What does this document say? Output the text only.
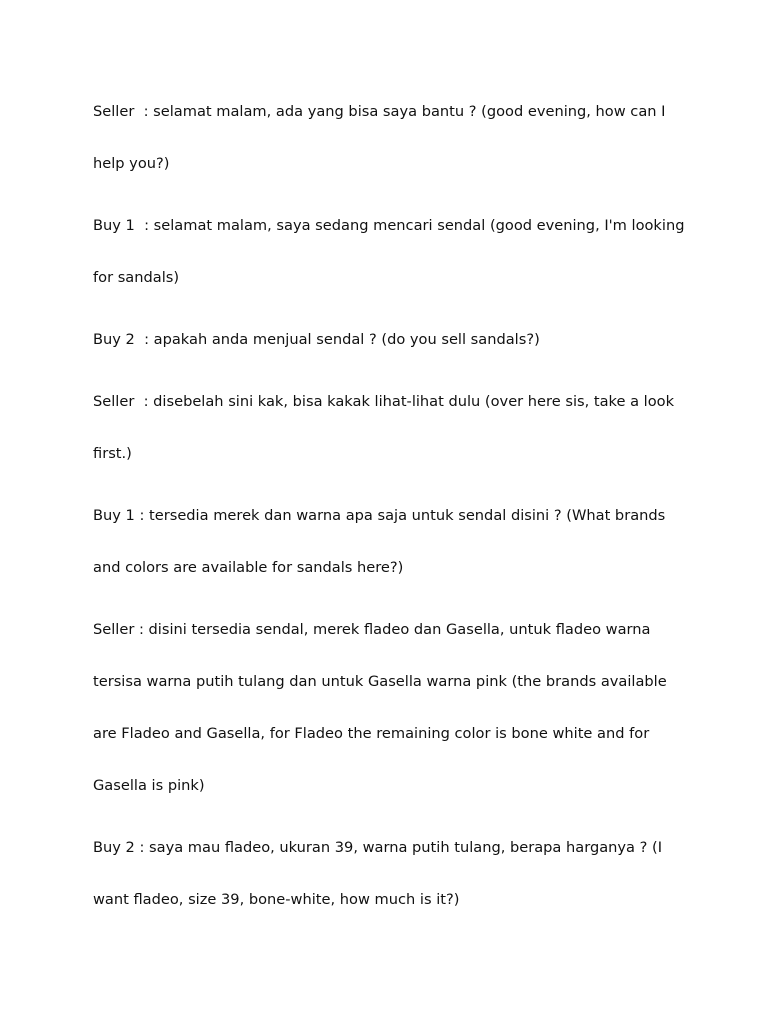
Seller  : selamat malam, ada yang bisa saya bantu ? (good evening, how can I
help you?)
Buy 1  : selamat malam, saya sedang mencari sendal (good evening, I'm looking
for sandals)
Buy 2  : apakah anda menjual sendal ? (do you sell sandals?)
Seller  : disebelah sini kak, bisa kakak lihat-lihat dulu (over here sis, take a look
first.)
Buy 1 : tersedia merek dan warna apa saja untuk sendal disini ? (What brands
and colors are available for sandals here?)
Seller : disini tersedia sendal, merek fladeo dan Gasella, untuk fladeo warna
tersisa warna putih tulang dan untuk Gasella warna pink (the brands available
are Fladeo and Gasella, for Fladeo the remaining color is bone white and for
Gasella is pink)
Buy 2 : saya mau fladeo, ukuran 39, warna putih tulang, berapa harganya ? (I
want fladeo, size 39, bone-white, how much is it?)
